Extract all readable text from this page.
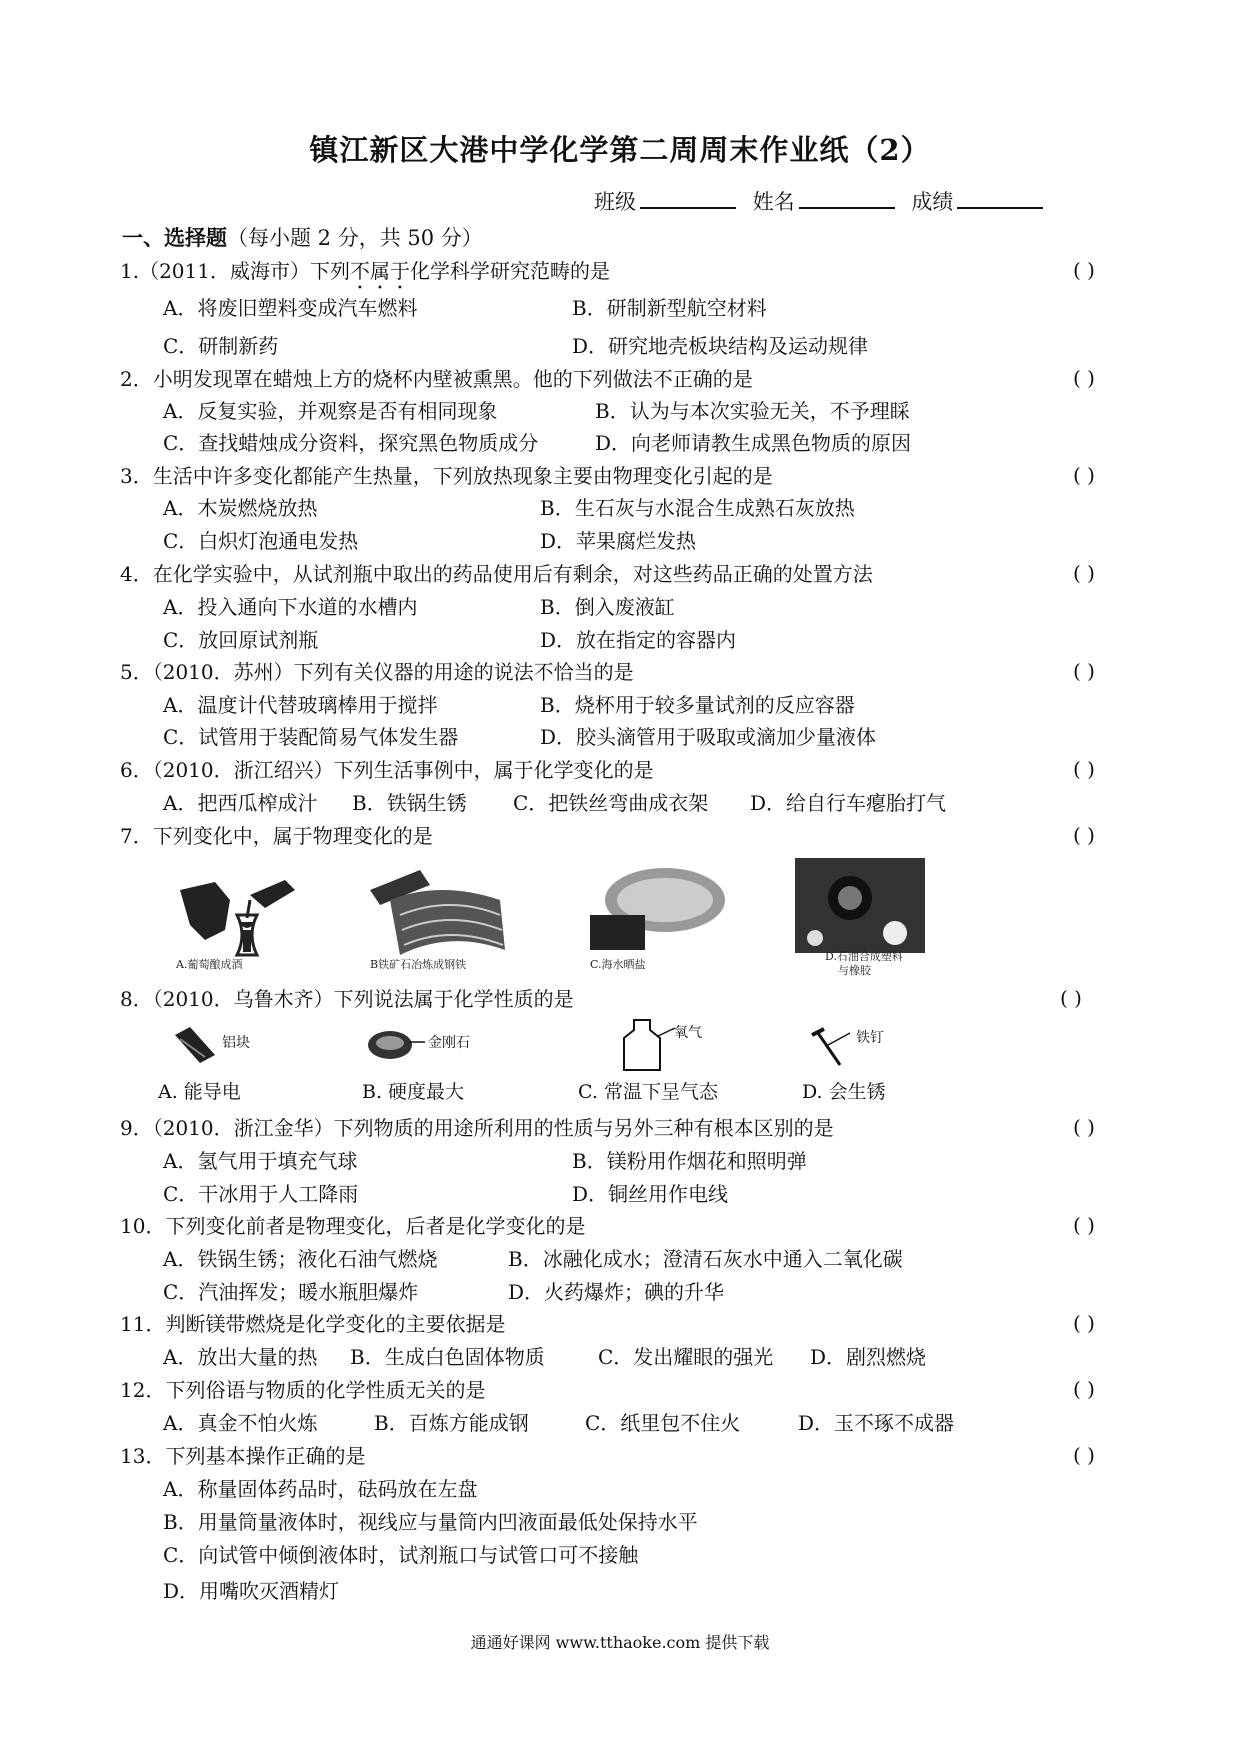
镇江新区大港中学化学第二周周末作业纸（2）
班级	姓名	成绩
一、选择题（每小题 2 分，共 50 分）
1.（2011．威海市）下列不属于化学科学研究范畴的是	( )
A．将废旧塑料变成汽车燃料	B．研制新型航空材料
C．研制新药	D．研究地壳板块结构及运动规律
2．小明发现罩在蜡烛上方的烧杯内壁被熏黑。他的下列做法不正确的是	( )
A．反复实验，并观察是否有相同现象	B．认为与本次实验无关，不予理睬
C．查找蜡烛成分资料，探究黑色物质成分	D．向老师请教生成黑色物质的原因
3．生活中许多变化都能产生热量，下列放热现象主要由物理变化引起的是	( )
A．木炭燃烧放热	B．生石灰与水混合生成熟石灰放热
C．白炽灯泡通电发热	D．苹果腐烂发热
4．在化学实验中，从试剂瓶中取出的药品使用后有剩余，对这些药品正确的处置方法	( )
A．投入通向下水道的水槽内	B．倒入废液缸
C．放回原试剂瓶	D．放在指定的容器内
5．（2010．苏州）下列有关仪器的用途的说法不恰当的是	( )
A．温度计代替玻璃棒用于搅拌	B．烧杯用于较多量试剂的反应容器
C．试管用于装配简易气体发生器	D．胶头滴管用于吸取或滴加少量液体
6．（2010．浙江绍兴）下列生活事例中，属于化学变化的是	( )
A．把西瓜榨成汁 B．铁锅生锈 C．把铁丝弯曲成衣架 D．给自行车瘪胎打气
7．下列变化中，属于物理变化的是	( )
A.葡萄酿成酒	B铁矿石冶炼成钢铁	C.海水晒盐
D.石油合成塑料
与橡胶
8．（2010．乌鲁木齐）下列说法属于化学性质的是	( )
铝块	金刚石
氧气	铁钉
A. 能导电	B. 硬度最大	C. 常温下呈气态	D. 会生锈
9．（2010．浙江金华）下列物质的用途所利用的性质与另外三种有根本区别的是	( )
A．氢气用于填充气球	B．镁粉用作烟花和照明弹
C．干冰用于人工降雨	D．铜丝用作电线
10．下列变化前者是物理变化，后者是化学变化的是	( )
A．铁锅生锈；液化石油气燃烧	B．冰融化成水；澄清石灰水中通入二氧化碳
C．汽油挥发；暖水瓶胆爆炸	D．火药爆炸；碘的升华
11．判断镁带燃烧是化学变化的主要依据是	( )
A．放出大量的热 B．生成白色固体物质	C．发出耀眼的强光 D．剧烈燃烧
12．下列俗语与物质的化学性质无关的是	( )
A．真金不怕火炼	B．百炼方能成钢	C．纸里包不住火	D．玉不琢不成器
13．下列基本操作正确的是	( )
A．称量固体药品时，砝码放在左盘
B．用量筒量液体时，视线应与量筒内凹液面最低处保持水平
C．向试管中倾倒液体时，试剂瓶口与试管口可不接触
D．用嘴吹灭酒精灯
通通好课网 www.tthaoke.com 提供下载
